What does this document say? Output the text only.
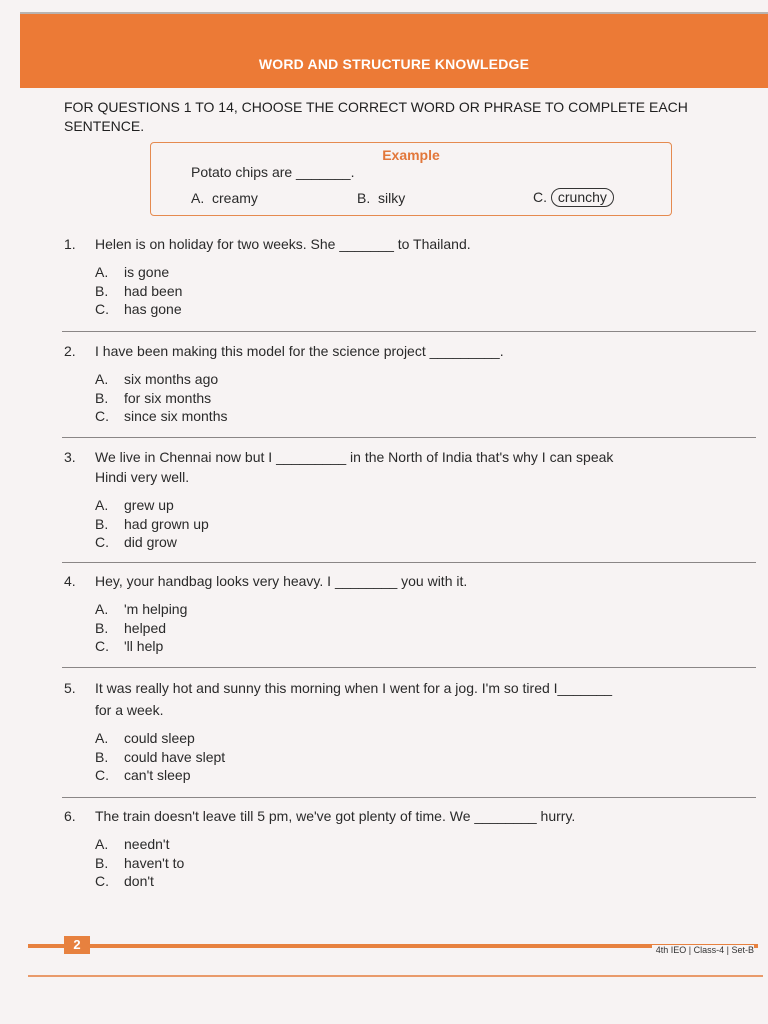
WORD AND STRUCTURE KNOWLEDGE
FOR QUESTIONS 1 TO 14, CHOOSE THE CORRECT WORD OR PHRASE TO COMPLETE EACH SENTENCE.
Example
Potato chips are _______.
A. creamy	B. silky	C. crunchy
1. Helen is on holiday for two weeks. She _______ to Thailand.
A. is gone
B. had been
C. has gone
2. I have been making this model for the science project _________.
A. six months ago
B. for six months
C. since six months
3. We live in Chennai now but I _________ in the North of India that's why I can speak
Hindi very well.
A. grew up
B. had grown up
C. did grow
4. Hey, your handbag looks very heavy. I ________ you with it.
A. 'm helping
B. helped
C. 'll help
5. It was really hot and sunny this morning when I went for a jog. I'm so tired I_______
for a week.
A. could sleep
B. could have slept
C. can't sleep
6. The train doesn't leave till 5 pm, we've got plenty of time. We ________ hurry.
A. needn't
B. haven't to
C. don't
2	4th IEO | Class-4 | Set-B
